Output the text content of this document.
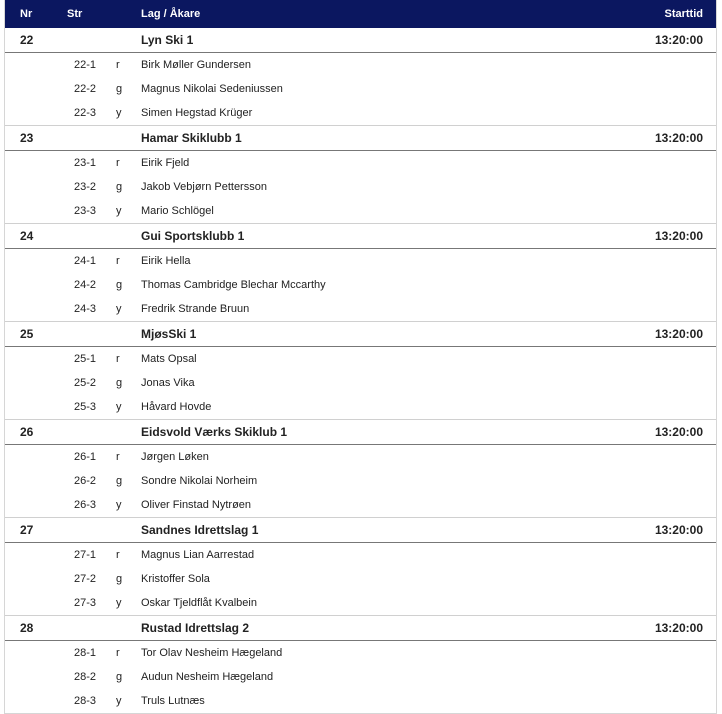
Nr	Str	Lag / Åkare	Starttid
22	Lyn Ski 1	13:20:00
22-1 r Birk Møller Gundersen
22-2 g Magnus Nikolai Sedeniussen
22-3 y Simen Hegstad Krüger
23	Hamar Skiklubb 1	13:20:00
23-1 r Eirik Fjeld
23-2 g Jakob Vebjørn Pettersson
23-3 y Mario Schlögel
24	Gui Sportsklubb 1	13:20:00
24-1 r Eirik Hella
24-2 g Thomas Cambridge Blechar Mccarthy
24-3 y Fredrik Strande Bruun
25	MjøsSki 1	13:20:00
25-1 r Mats Opsal
25-2 g Jonas Vika
25-3 y Håvard Hovde
26	Eidsvold Værks Skiklub 1	13:20:00
26-1 r Jørgen Løken
26-2 g Sondre Nikolai Norheim
26-3 y Oliver Finstad Nytrøen
27	Sandnes Idrettslag 1	13:20:00
27-1 r Magnus Lian Aarrestad
27-2 g Kristoffer Sola
27-3 y Oskar Tjeldflåt Kvalbein
28	Rustad Idrettslag 2	13:20:00
28-1 r Tor Olav Nesheim Hægeland
28-2 g Audun Nesheim Hægeland
28-3 y Truls Lutnæs
